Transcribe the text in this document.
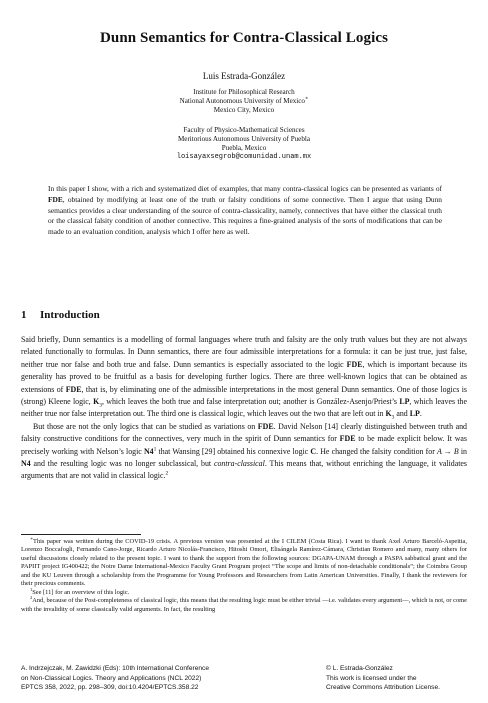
Dunn Semantics for Contra-Classical Logics
Luis Estrada-González
Institute for Philosophical Research
National Autonomous University of Mexico∗
Mexico City, Mexico
Faculty of Physico-Mathematical Sciences
Meritorious Autonomous University of Puebla
Puebla, Mexico
loisayaxsegrob@comunidad.unam.mx
In this paper I show, with a rich and systematized diet of examples, that many contra-classical logics can be presented as variants of FDE, obtained by modifying at least one of the truth or falsity conditions of some connective. Then I argue that using Dunn semantics provides a clear understanding of the source of contra-classicality, namely, connectives that have either the classical truth or the classical falsity condition of another connective. This requires a fine-grained analysis of the sorts of modifications that can be made to an evaluation condition, analysis which I offer here as well.
1 Introduction

Said briefly, Dunn semantics is a modelling of formal languages where truth and falsity are the only truth values but they are not always related functionally to formulas. In Dunn semantics, there are four admissible interpretations for a formula: it can be just true, just false, neither true nor false and both true and false. Dunn semantics is especially associated to the logic FDE, which is important because its generality has proved to be fruitful as a basis for developing further logics. There are three well-known logics that can be obtained as extensions of FDE, that is, by eliminating one of the admissible interpretations in the most general Dunn semantics. One of those logics is (strong) Kleene logic, $K_3$, which leaves the both true and false interpretation out; another is González-Asenjo/Priest’s LP, which leaves the neither true nor false interpretation out. The third one is classical logic, which leaves out the two that are left out in $K_3$ and LP.

But those are not the only logics that can be studied as variations on FDE. David Nelson [14] clearly distinguished between truth and falsity constructive conditions for the connectives, very much in the spirit of Dunn semantics for FDE to be made explicit below. It was precisely working with Nelson’s logic $N4^1$ that Wansing [29] obtained his connexive logic C. He changed the falsity condition for A → B in N4 and the resulting logic was no longer subclassical, but contra-classical. This means that, without enriching the language, it validates arguments that are not valid in classical logic.$^2$

∗This paper was written during the COVID-19 crisis. A previous version was presented at the I CILEM (Costa Rica). I want to thank Axel Arturo Barceló-Aspeitia, Lorenzo Boccafogli, Fernando Cano-Jorge, Ricardo Arturo Nicolás-Francisco, Hitoshi Omori, Elisángela Ramírez-Cámara, Christian Romero and many, many others for useful discussions closely related to the present topic. I want to thank the support from the following sources: DGAPA-UNAM through a PASPA sabbatical grant and the PAPIIT project IG400422; the Notre Dame International-Mexico Faculty Grant Program project “The scope and limits of non-detachable conditionals”; the Coimbra Group and the KU Leuven through a scholarship from the Programme for Young Professors and Researchers from Latin American Universities. Finally, I thank the reviewers for their precious comments.

$^1$See [11] for an overview of this logic.

$^2$And, because of the Post-completeness of classical logic, this means that the resulting logic must be either trivial —i.e. validates every argument—, which is not, or come with the invalidity of some classically valid arguments. In fact, the resulting

A. Indrzejczak, M. Zawidzki (Eds): 10th International Conference
on Non-Classical Logics. Theory and Applications (NCL 2022)
EPTCS 358, 2022, pp. 298–309, doi:10.4204/EPTCS.358.22
© L. Estrada-González
This work is licensed under the
Creative Commons Attribution License.
